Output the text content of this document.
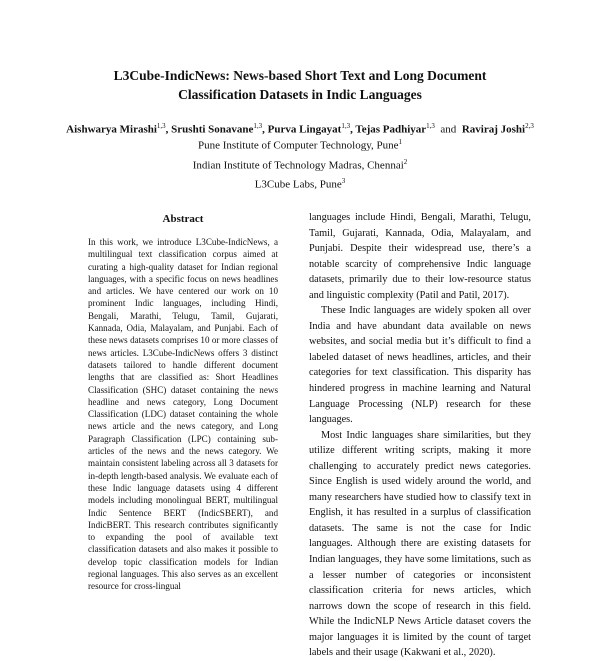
L3Cube-IndicNews: News-based Short Text and Long Document
Classification Datasets in Indic Languages
Aishwarya Mirashi$^{1,3}$, Srushti Sonavane$^{1,3}$, Purva Lingayat$^{1,3}$, Tejas Padhiyar$^{1,3}$ and Raviraj Joshi$^{2,3}$
Pune Institute of Computer Technology, Pune$^1$
Indian Institute of Technology Madras, Chennai$^2$
L3Cube Labs, Pune$^3$
Abstract

In this work, we introduce L3Cube-IndicNews, a multilingual text classification corpus aimed at curating a high-quality dataset for Indian regional languages, with a specific focus on news headlines and articles. We have centered our work on 10 prominent Indic languages, including Hindi, Bengali, Marathi, Telugu, Tamil, Gujarati, Kannada, Odia, Malayalam, and Punjabi. Each of these news datasets comprises 10 or more classes of news articles. L3Cube-IndicNews offers 3 distinct datasets tailored to handle different document lengths that are classified as: Short Headlines Classification (SHC) dataset containing the news headline and news category, Long Document Classification (LDC) dataset containing the whole news article and the news category, and Long Paragraph Classification (LPC) containing sub-articles of the news and the news category. We maintain consistent labeling across all 3 datasets for in-depth length-based analysis. We evaluate each of these Indic language datasets using 4 different models including monolingual BERT, multilingual Indic Sentence BERT (IndicSBERT), and IndicBERT. This research contributes significantly to expanding the pool of available text classification datasets and also makes it possible to develop topic classification models for Indian regional languages. This also serves as an excellent resource for cross-lingual

languages include Hindi, Bengali, Marathi, Telugu, Tamil, Gujarati, Kannada, Odia, Malayalam, and Punjabi. Despite their widespread use, there’s a notable scarcity of comprehensive Indic language datasets, primarily due to their low-resource status and linguistic complexity (Patil and Patil, 2017).

These Indic languages are widely spoken all over India and have abundant data available on news websites, and social media but it’s difficult to find a labeled dataset of news headlines, articles, and their categories for text classification. This disparity has hindered progress in machine learning and Natural Language Processing (NLP) research for these languages.

Most Indic languages share similarities, but they utilize different writing scripts, making it more challenging to accurately predict news categories. Since English is used widely around the world, and many researchers have studied how to classify text in English, it has resulted in a surplus of classification datasets. The same is not the case for Indic languages. Although there are existing datasets for Indian languages, they have some limitations, such as a lesser number of categories or inconsistent classification criteria for news articles, which narrows down the scope of research in this field. While the IndicNLP News Article dataset covers the major languages it is limited by the count of target labels and their usage (Kakwani et al., 2020).
